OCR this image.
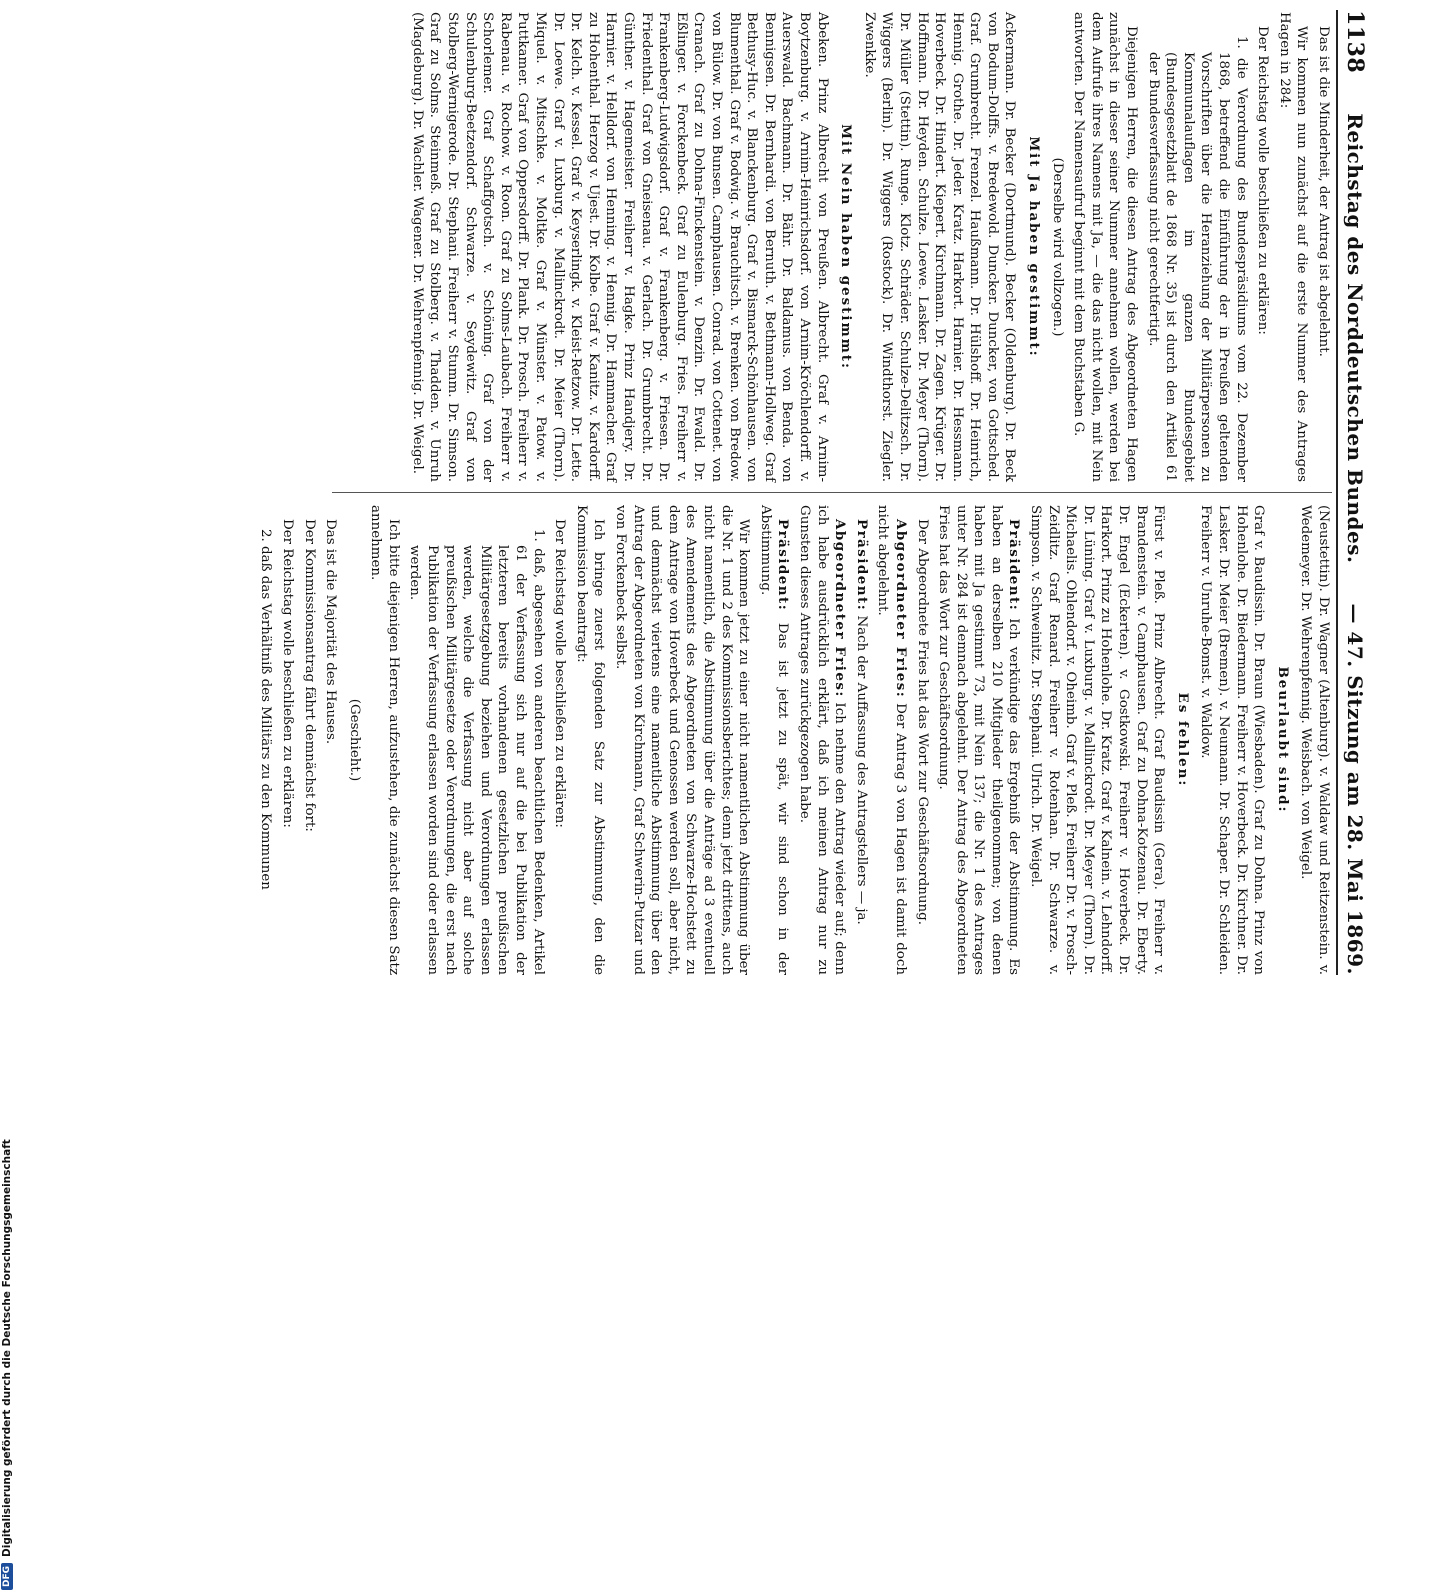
1138
Reichstag des Norddeutschen Bundes.
— 47. Sitzung am 28. Mai 1869.

Das ist die Minderheit, der Antrag ist abgelehnt.

Wir kommen nun zunächst auf die erste Nummer des Antrages Hagen in 284:

Der Reichstag wolle beschließen zu erklären:

1. die Verordnung des Bundespräsidiums vom 22. Dezember 1868, betreffend die Einführung der in Preußen geltenden Vorschriften über die Heranziehung der Militärpersonen zu Kommunalauflagen im ganzen Bundesgebiet (Bundesgesetzblatt de 1868 Nr. 35) ist durch den Artikel 61 der Bundesverfassung nicht gerechtfertigt.

Diejenigen Herren, die diesen Antrag des Abgeordneten Hagen zunächst in dieser seiner Nummer annehmen wollen, werden bei dem Aufrufe ihres Namens mit Ja, — die das nicht wollen, mit Nein antworten. Der Namensaufruf beginnt mit dem Buchstaben G.

(Derselbe wird vollzogen.)

Mit Ja haben gestimmt:

Ackermann. Dr. Becker (Dortmund). Becker (Oldenburg). Dr. Beck von Bodum-Dolffs. v. Bredewold. Duncker. Duncker, von Gottsched. Graf. Grumbrecht. Frenzel. Haußmann. Dr. Hülshoff. Dr. Heinrich, Hennig. Grothe. Dr. Jeder. Kratz. Harkort. Harnier. Dr. Hessmann. Hoverbeck. Dr. Hindert. Kiepert. Kirchmann. Dr. Zagen. Krüger. Dr. Hoffmann. Dr. Heyden. Schulze. Loewe. Lasker. Dr. Meyer (Thorn). Dr. Müller (Stettin). Runge. Klotz. Schräder. Schulze-Delitzsch. Dr. Wiggers (Berlin). Dr. Wiggers (Rostock). Dr. Windthorst. Ziegler. Zwenkke.

Mit Nein haben gestimmt:

Abeken. Prinz Albrecht von Preußen. Albrecht. Graf v. Arnim-Boytzenburg. v. Arnim-Heinrichsdorf. von Arnim-Kröchlendorff. v. Auerswald. Bachmann. Dr. Bähr. Dr. Baldamus. von Benda. von Bennigsen. Dr. Bernhardi. von Bernuth. v. Bethmann-Hollweg. Graf Bethusy-Huc. v. Blanckenburg. Graf v. Bismarck-Schönhausen. von Blumenthal. Graf v. Bodwig. v. Brauchitsch. v. Brenken. von Bredow. von Bülow. Dr. von Bunsen. Camphausen. Conrad. von Cottenet. von Cranach. Graf zu Dohna-Finckenstein. v. Denzin. Dr. Ewald. Dr. Eßlinger. v. Forckenbeck. Graf zu Eulenburg. Fries. Freiherr v. Frankenberg-Ludwigsdorf. Graf v. Frankenberg. v. Friesen. Dr. Friedenthal. Graf von Gneisenau. v. Gerlach. Dr. Grumbrecht. Dr. Günther. v. Hagemeister. Freiherr v. Hagke. Prinz Handjery. Dr. Harnier. v. Helldorf. von Henning. v. Hennig. Dr. Hammacher. Graf zu Hohenthal. Herzog v. Ujest. Dr. Kolbe. Graf v. Kanitz. v. Kardorff. Dr. Kelch. v. Kessel. Graf v. Keyserlingk. v. Kleist-Retzow. Dr. Lette. Dr. Loewe. Graf v. Luxburg. v. Mallinckrodt. Dr. Meier (Thorn). Miquel. v. Mitschke. v. Moltke. Graf v. Münster. v. Patow. v. Puttkamer. Graf von Oppersdorff. Dr. Plank. Dr. Prosch. Freiherr v. Rabenau. v. Rochow. v. Roon. Graf zu Solms-Laubach. Freiherr v. Schorlemer. Graf Schaffgotsch. v. Schöning. Graf von der Schulenburg-Beetzendorf. Schwarze. v. Seydewitz. Graf von Stolberg-Wernigerode. Dr. Stephani. Freiherr v. Stumm. Dr. Simson. Graf zu Solms. Steinmeß. Graf zu Stolberg. v. Thadden. v. Unruh (Magdeburg). Dr. Wachler. Wagener. Dr. Wehrenpfennig. Dr. Weigel.

(Neustettin). Dr. Wagner (Altenburg). v. Waldaw und Reitzenstein. v. Wedemeyer. Dr. Wehrenpfennig. Weisbach. von Weigel.

Beurlaubt sind:

Graf v. Baudissin. Dr. Braun (Wiesbaden). Graf zu Dohna. Prinz von Hohenlohe. Dr. Biedermann. Freiherr v. Hoverbeck. Dr. Kirchner. Dr. Lasker. Dr. Meier (Bremen). v. Neumann. Dr. Schaper. Dr. Schleiden. Freiherr v. Unruhe-Bomst. v. Waldow.

Es fehlen:

Fürst v. Pleß. Prinz Albrecht. Graf Baudissin (Gera). Freiherr v. Brandenstein. v. Camphausen. Graf zu Dohna-Kotzenau. Dr. Eberty. Dr. Engel (Eckerten). v. Gostkowski. Freiherr v. Hoverbeck. Dr. Harkort. Prinz zu Hohenlohe. Dr. Kratz. Graf v. Kalnein. v. Lehndorff. Dr. Lüning. Graf v. Luxburg. v. Mallinckrodt. Dr. Meyer (Thorn). Dr. Michaelis. Ohlendorf. v. Oheimb. Graf v. Pleß. Freiherr Dr. v. Prosch-Zeidlitz. Graf Renard. Freiherr v. Rotenhan. Dr. Schwarze. v. Simpson. v. Schweinitz. Dr. Stephani. Ulrich. Dr. Weigel.

Präsident: Ich verkündige das Ergebniß der Abstimmung. Es haben an derselben 210 Mitglieder theilgenommen; von denen haben mit Ja gestimmt 73, mit Nein 137; die Nr. 1 des Antrages unter Nr. 284 ist demnach abgelehnt. Der Antrag des Abgeordneten Fries hat das Wort zur Geschäftsordnung.

Der Abgeordnete Fries hat das Wort zur Geschäftsordnung.

Abgeordneter Fries: Der Antrag 3 von Hagen ist damit doch nicht abgelehnt.

Präsident: Nach der Auffassung des Antragstellers — ja.

Abgeordneter Fries: Ich nehme den Antrag wieder auf; denn ich habe ausdrücklich erklärt, daß ich meinen Antrag nur zu Gunsten dieses Antrages zurückgezogen habe.

Präsident: Das ist jetzt zu spät, wir sind schon in der Abstimmung.

Wir kommen jetzt zu einer nicht namentlichen Abstimmung über die Nr. 1 und 2 des Kommissionsberichtes; denn jetzt drittens, auch nicht namentlich, die Abstimmung über die Anträge ad 3 eventuell des Amendements des Abgeordneten von Schwarze-Hochstett zu dem Antrage von Hoverbeck und Genossen werden soll, aber nicht, und demnächst viertens eine namentliche Abstimmung über den Antrag der Abgeordneten von Kirchmann, Graf Schwerin-Putzar und von Forckenbeck selbst.

Ich bringe zuerst folgenden Satz zur Abstimmung, den die Kommission beantragt:

Der Reichstag wolle beschließen zu erklären:

1. daß, abgesehen von anderen beachtlichen Bedenken, Artikel 61 der Verfassung sich nur auf die bei Publikation der letzteren bereits vorhandenen gesetzlichen preußischen Militärgesetzgebung beziehen und Verordnungen erlassen werden, welche die Verfassung nicht aber auf solche preußischen Militärgesetze oder Verordnungen, die erst nach Publikation der Verfassung erlassen worden sind oder erlassen werden.

Ich bitte diejenigen Herren, aufzustehen, die zunächst diesen Satz annehmen.

(Geschieht.)

Das ist die Majorität des Hauses.

Der Kommissionsantrag fährt demnächst fort:

Der Reichstag wolle beschließen zu erklären:

2. daß das Verhältniß des Militärs zu den Kommunen

DFG
Digitalisierung gefördert durch die Deutsche Forschungsgemeinschaft
